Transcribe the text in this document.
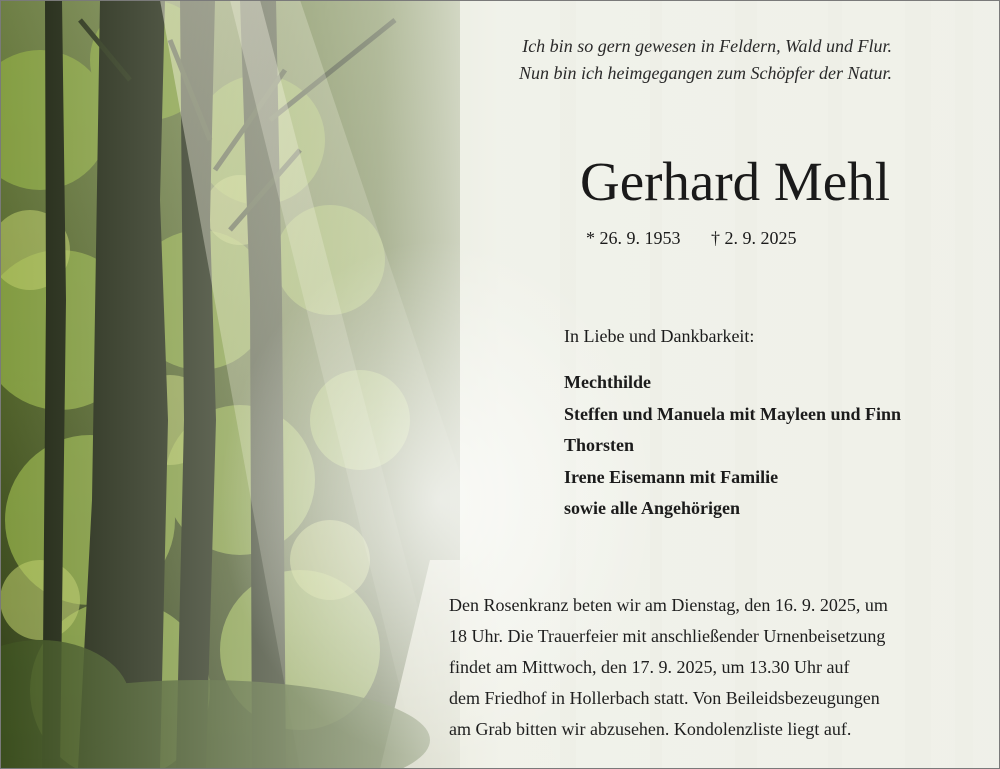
Ich bin so gern gewesen in Feldern, Wald und Flur.
Nun bin ich heimgegangen zum Schöpfer der Natur.
Gerhard Mehl
* 26. 9. 1953 † 2. 9. 2025
In Liebe und Dankbarkeit:
Mechthilde
Steffen und Manuela mit Mayleen und Finn
Thorsten
Irene Eisemann mit Familie
sowie alle Angehörigen
Den Rosenkranz beten wir am Dienstag, den 16. 9. 2025, um
18 Uhr. Die Trauerfeier mit anschließender Urnenbeisetzung
findet am Mittwoch, den 17. 9. 2025, um 13.30 Uhr auf
dem Friedhof in Hollerbach statt. Von Beileidsbezeugungen
am Grab bitten wir abzusehen. Kondolenzliste liegt auf.
